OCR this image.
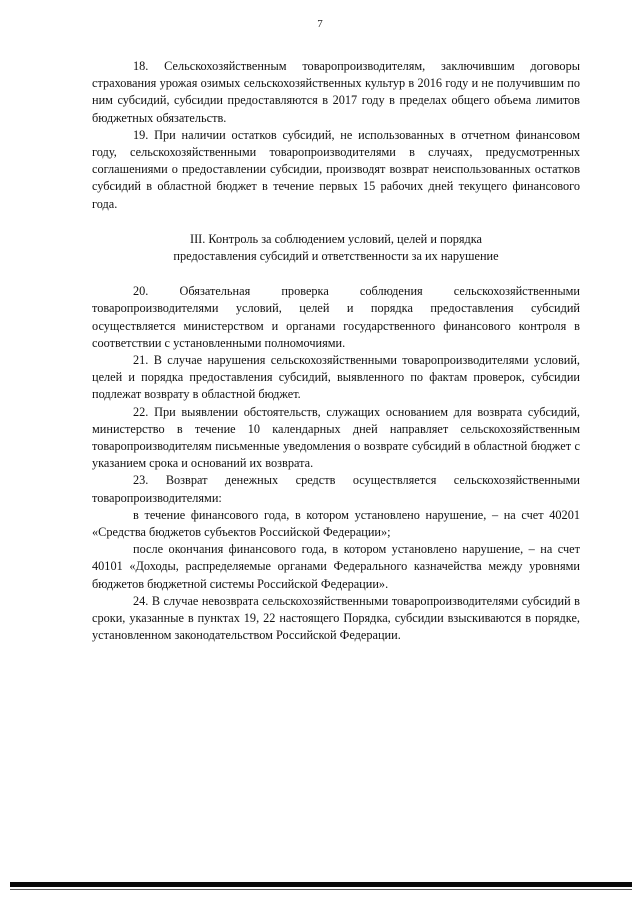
7

18. Сельскохозяйственным товаропроизводителям, заключившим договоры страхования урожая озимых сельскохозяйственных культур в 2016 году и не получившим по ним субсидий, субсидии предоставляются в 2017 году в пределах общего объема лимитов бюджетных обязательств.

19. При наличии остатков субсидий, не использованных в отчетном финансовом году, сельскохозяйственными товаропроизводителями в случаях, предусмотренных соглашениями о предоставлении субсидии, производят возврат неиспользованных остатков субсидий в областной бюджет в течение первых 15 рабочих дней текущего финансового года.

III. Контроль за соблюдением условий, целей и порядка
предоставления субсидий и ответственности за их нарушение

20. Обязательная проверка соблюдения сельскохозяйственными товаропроизводителями условий, целей и порядка предоставления субсидий осуществляется министерством и органами государственного финансового контроля в соответствии с установленными полномочиями.

21. В случае нарушения сельскохозяйственными товаропроизводителями условий, целей и порядка предоставления субсидий, выявленного по фактам проверок, субсидии подлежат возврату в областной бюджет.

22. При выявлении обстоятельств, служащих основанием для возврата субсидий, министерство в течение 10 календарных дней направляет сельскохозяйственным товаропроизводителям письменные уведомления о возврате субсидий в областной бюджет с указанием срока и оснований их возврата.

23. Возврат денежных средств осуществляется сельскохозяйственными товаропроизводителями:

в течение финансового года, в котором установлено нарушение, – на счет 40201 «Средства бюджетов субъектов Российской Федерации»;

после окончания финансового года, в котором установлено нарушение, – на счет 40101 «Доходы, распределяемые органами Федерального казначейства между уровнями бюджетов бюджетной системы Российской Федерации».

24. В случае невозврата сельскохозяйственными товаропроизводителями субсидий в сроки, указанные в пунктах 19, 22 настоящего Порядка, субсидии взыскиваются в порядке, установленном законодательством Российской Федерации.
